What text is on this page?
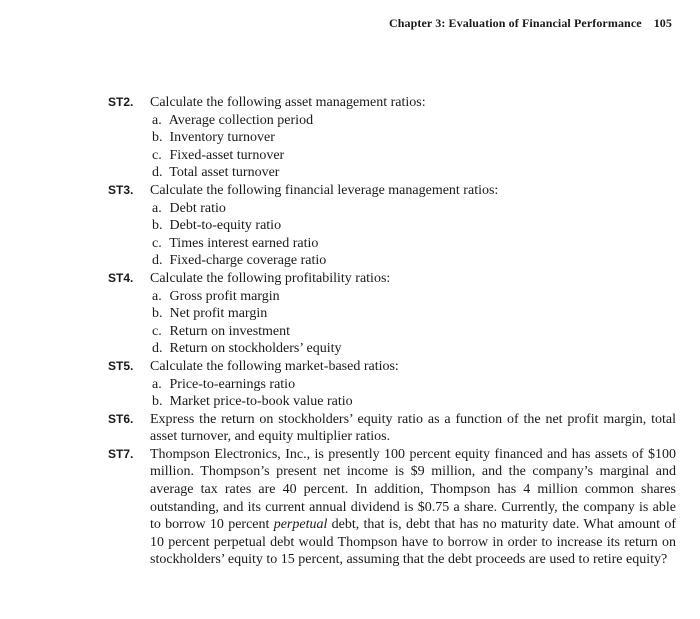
Chapter 3: Evaluation of Financial Performance 105
ST2. Calculate the following asset management ratios:
a. Average collection period
b. Inventory turnover
c. Fixed-asset turnover
d. Total asset turnover
ST3. Calculate the following financial leverage management ratios:
a. Debt ratio
b. Debt-to-equity ratio
c. Times interest earned ratio
d. Fixed-charge coverage ratio
ST4. Calculate the following profitability ratios:
a. Gross profit margin
b. Net profit margin
c. Return on investment
d. Return on stockholders’ equity
ST5. Calculate the following market-based ratios:
a. Price-to-earnings ratio
b. Market price-to-book value ratio
ST6. Express the return on stockholders’ equity ratio as a function of the net profit margin, total asset turnover, and equity multiplier ratios.
ST7. Thompson Electronics, Inc., is presently 100 percent equity financed and has assets of $100 million. Thompson’s present net income is $9 million, and the company’s marginal and average tax rates are 40 percent. In addition, Thompson has 4 million common shares outstanding, and its current annual dividend is $0.75 a share. Currently, the company is able to borrow 10 percent perpetual debt, that is, debt that has no maturity date. What amount of 10 percent perpetual debt would Thompson have to borrow in order to increase its return on stockholders’ equity to 15 percent, assuming that the debt proceeds are used to retire equity?
